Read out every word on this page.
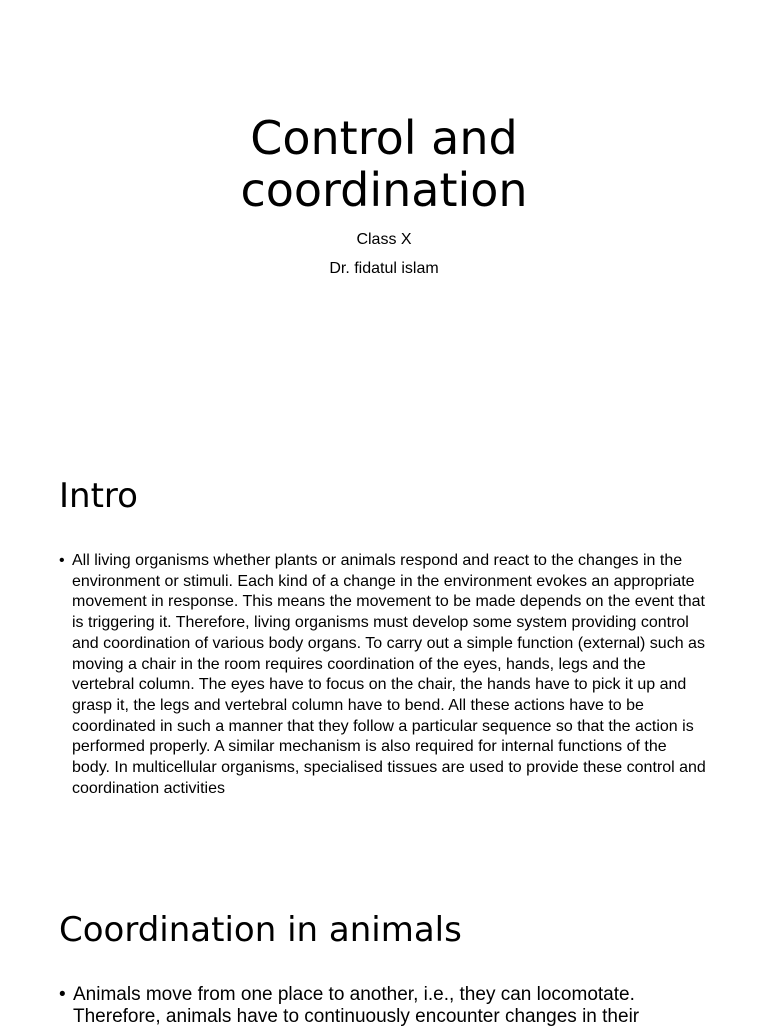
Control and
coordination
Class X
Dr. fidatul islam
Intro
• All living organisms whether plants or animals respond and react to the changes in the environment or stimuli. Each kind of a change in the environment evokes an appropriate movement in response. This means the movement to be made depends on the event that is triggering it. Therefore, living organisms must develop some system providing control and coordination of various body organs. To carry out a simple function (external) such as moving a chair in the room requires coordination of the eyes, hands, legs and the vertebral column. The eyes have to focus on the chair, the hands have to pick it up and grasp it, the legs and vertebral column have to bend. All these actions have to be coordinated in such a manner that they follow a particular sequence so that the action is performed properly. A similar mechanism is also required for internal functions of the body. In multicellular organisms, specialised tissues are used to provide these control and coordination activities
Coordination in animals
• Animals move from one place to another, i.e., they can locomotate. Therefore, animals have to continuously encounter changes in their
